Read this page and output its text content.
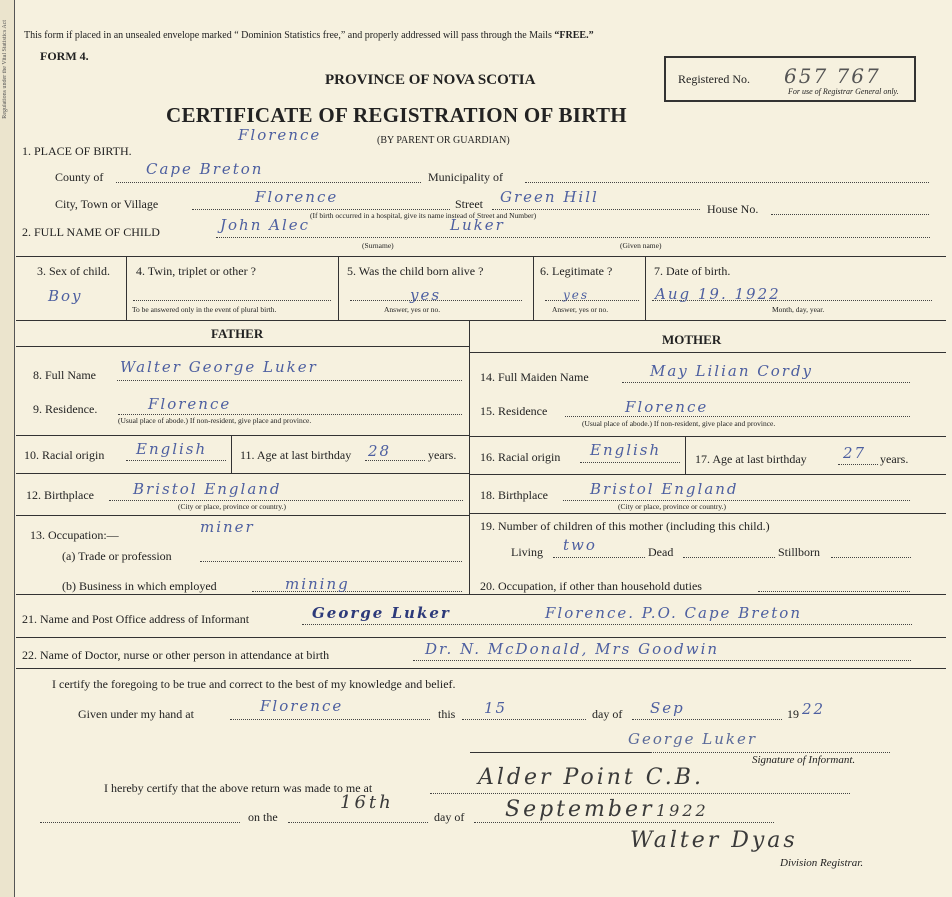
Regulations under the Vital Statistics Act This form if placed in an unsealed envelope marked “ Dominion Statistics free,” and properly addressed will pass through the Mails “FREE.”
FORM 4.
PROVINCE OF NOVA SCOTIA
CERTIFICATE OF REGISTRATION OF BIRTH
(BY PARENT OR GUARDIAN)
Registered No. 657 767
For use of Registrar General only.
1. PLACE OF BIRTH.
Florence
County of	Cape Breton	Municipality of
City, Town or Village	Florence	Street Green Hill
House No.
(If birth occurred in a hospital, give its name instead of Street and Number)
2. FULL NAME OF CHILD	John Alec	Luker
(Surname)	(Given name)
3. Sex of child.
Boy
4. Twin, triplet or other ?
To be answered only in the event of plural birth.
5. Was the child born alive ?
yes
Answer, yes or no.
6. Legitimate ?
yes
Answer, yes or no.
7. Date of birth.
Aug 19. 1922
Month, day, year.
FATHER
8. Full Name Walter George Luker
9. Residence.	Florence
(Usual place of abode.) If non-resident, give place and province.
10. Racial origin English	11. Age at last birthday 28	years.
12. Birthplace	Bristol England
(City or place, province or country.)
13. Occupation:—	miner
(a) Trade or profession
(b) Business in which employed	mining
MOTHER
14. Full Maiden Name	May Lilian Cordy
15. Residence	Florence
(Usual place of abode.) If non-resident, give place and province.
16. Racial origin English	17. Age at last birthday 27 years.
18. Birthplace	Bristol England
(City or place, province or country.)
19. Number of children of this mother (including this child.)
Living two	Dead	Stillborn
20. Occupation, if other than household duties
21. Name and Post Office address of Informant	George Luker	Florence. P.O. Cape Breton
22. Name of Doctor, nurse or other person in attendance at birth	Dr. N. McDonald, Mrs Goodwin
I certify the foregoing to be true and correct to the best of my knowledge and belief.
Given under my hand at	Florence	this 15	day of Sep	19 22
George Luker
Signature of Informant.
I hereby certify that the above return was made to me at	Alder Point C.B.
on the
16th
day of September 1922
Walter Dyas
Division Registrar.
